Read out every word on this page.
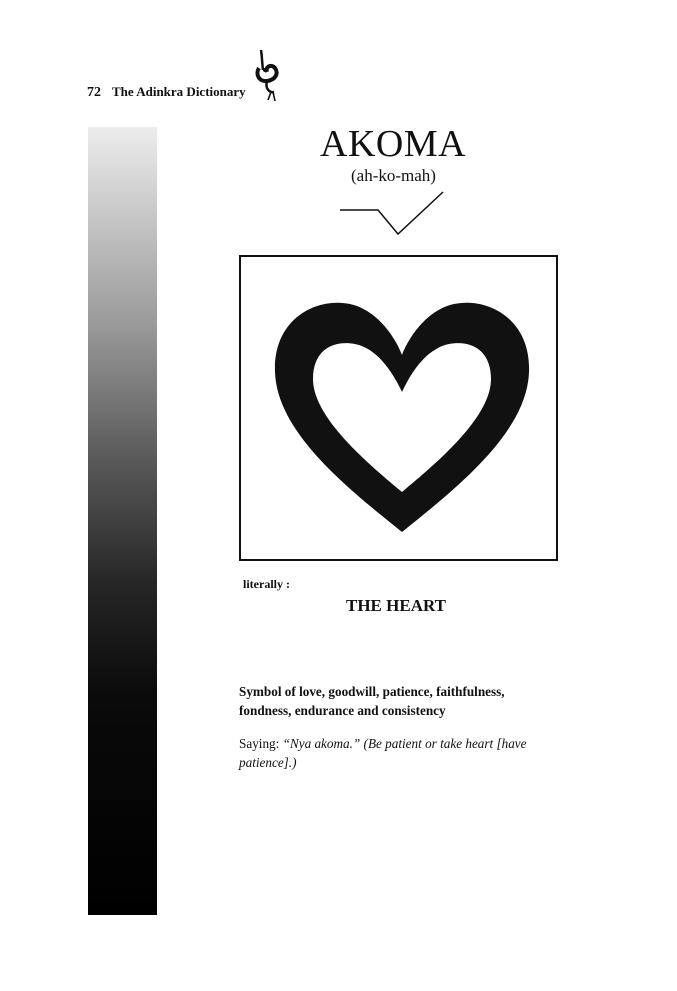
72 The Adinkra Dictionary
AKOMA
(ah-ko-mah)
literally :
THE HEART
Symbol of love, goodwill, patience, faithfulness, fondness, endurance and consistency
Saying: “Nya akoma.” (Be patient or take heart [have patience].)
